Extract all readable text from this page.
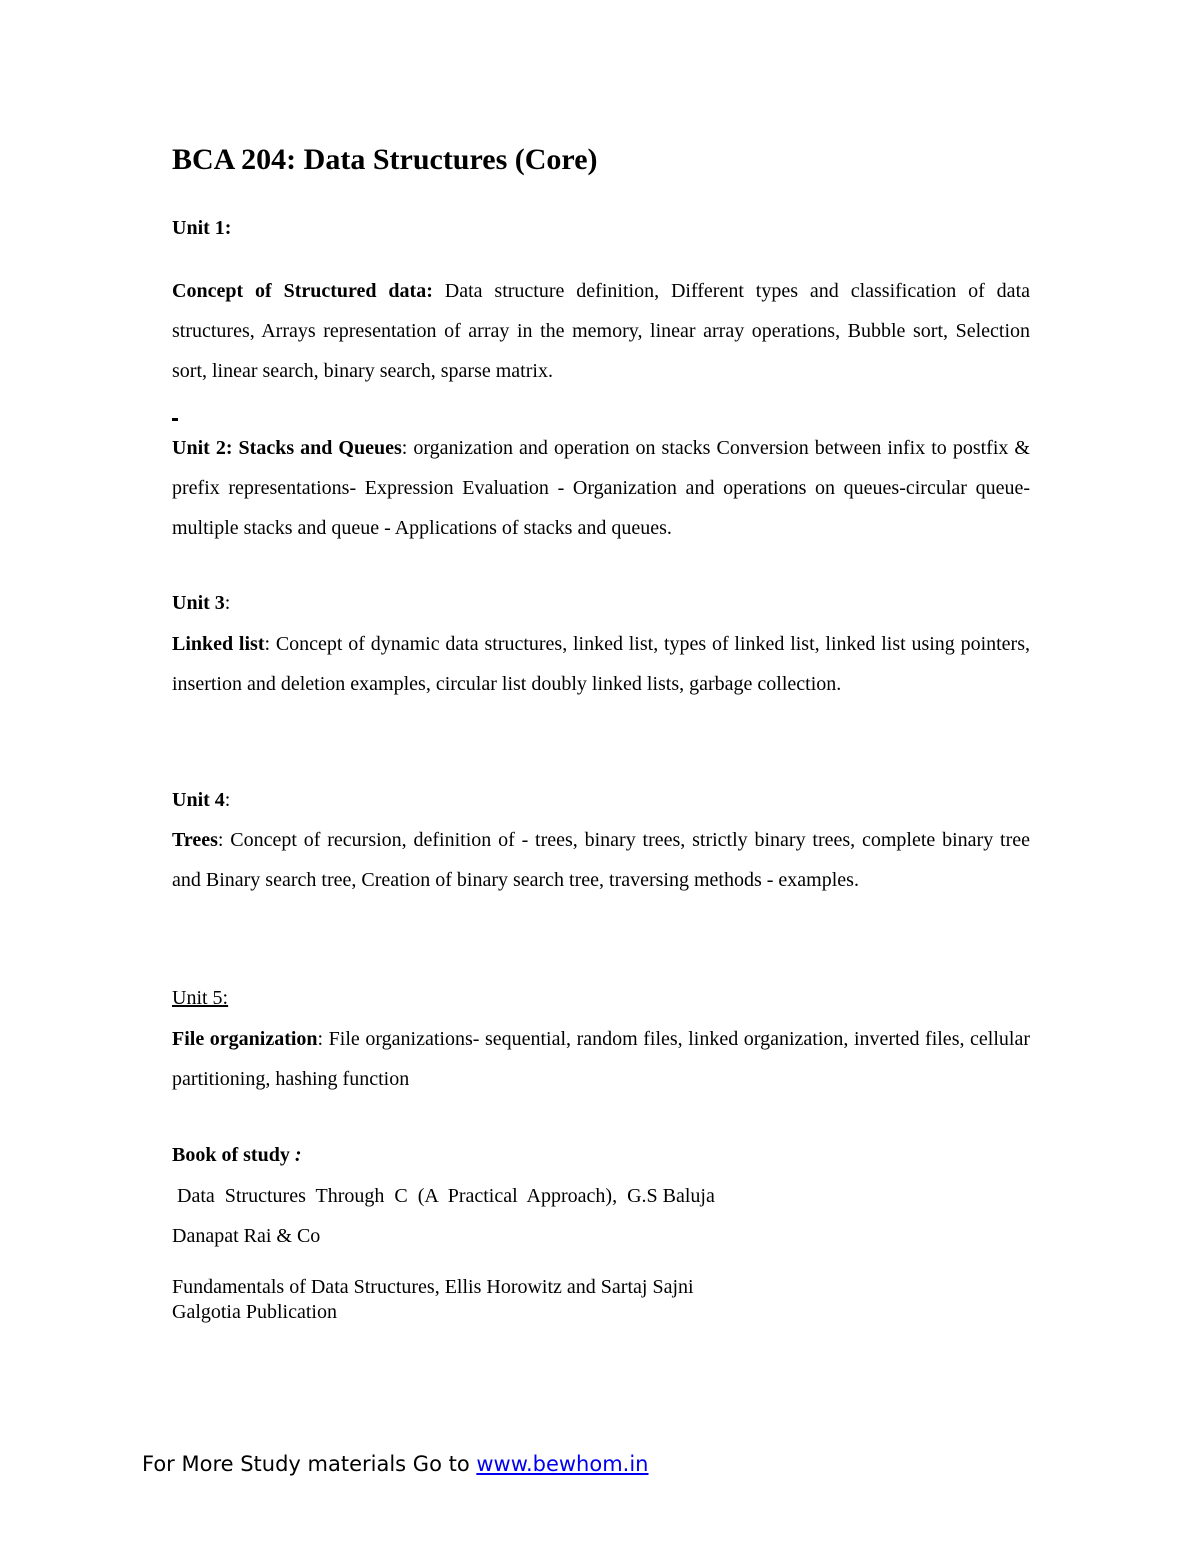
BCA 204: Data Structures (Core)
Unit 1:
Concept of Structured data: Data structure definition, Different types and classification of data structures, Arrays representation of array in the memory, linear array operations, Bubble sort, Selection sort, linear search, binary search, sparse matrix.
Unit 2: Stacks and Queues: organization and operation on stacks Conversion between infix to postfix & prefix representations- Expression Evaluation - Organization and operations on queues-circular queue-multiple stacks and queue - Applications of stacks and queues.
Unit 3:
Linked list: Concept of dynamic data structures, linked list, types of linked list, linked list using pointers, insertion and deletion examples, circular list doubly linked lists, garbage collection.
Unit 4:
Trees: Concept of recursion, definition of - trees, binary trees, strictly binary trees, complete binary tree and Binary search tree, Creation of binary search tree, traversing methods - examples.
Unit 5:
File organization: File organizations- sequential, random files, linked organization, inverted files, cellular partitioning, hashing function
Book of study :
Data  Structures  Through  C  (A  Practical  Approach),  G.S Baluja
Danapat Rai & Co
Fundamentals of Data Structures, Ellis Horowitz and Sartaj Sajni
Galgotia Publication
For More Study materials Go to www.bewhom.in
